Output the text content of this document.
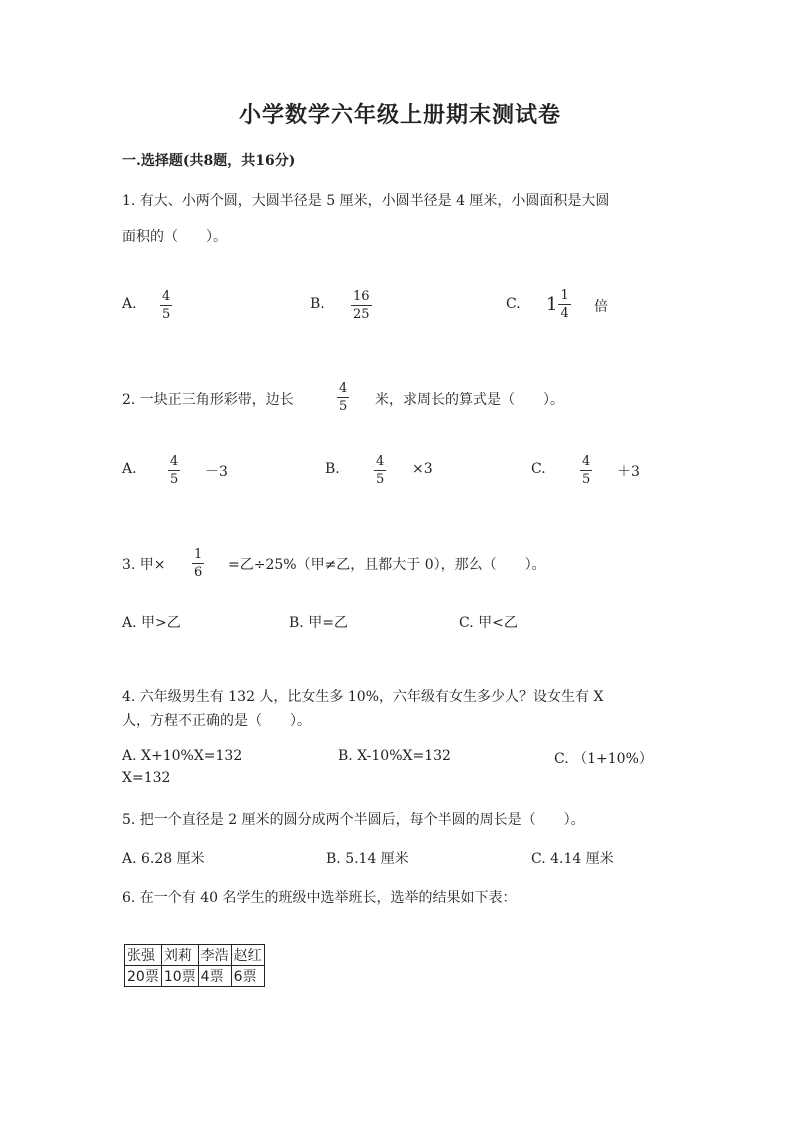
小学数学六年级上册期末测试卷
一.选择题(共8题，共16分)
1. 有大、小两个圆，大圆半径是 5 厘米，小圆半径是 4 厘米，小圆面积是大圆
面积的（　　）。
A. 4
5
B. 16
25
C. $1 \frac{1}{4}$ 倍
2. 一块正三角形彩带，边长
4
5 米，求周长的算式是（　　）。
A.	4
5 －3	B.	4
5
×3	C.	4
5 ＋3
3. 甲×
1
6 =乙÷25%（甲≠乙，且都大于 0），那么（　　）。
A. 甲>乙	B. 甲=乙	C. 甲<乙
4. 六年级男生有 132 人，比女生多 10%，六年级有女生多少人？设女生有 X
人，方程不正确的是（　　）。
A. X+10%X=132	B. X-10%X=132	C. （1+10%）
X=132
5. 把一个直径是 2 厘米的圆分成两个半圆后，每个半圆的周长是（　　）。
A. 6.28 厘米	B. 5.14 厘米	C. 4.14 厘米
6. 在一个有 40 名学生的班级中选举班长，选举的结果如下表：
张强	刘莉	李浩	赵红
20票	10票	4票	6票
